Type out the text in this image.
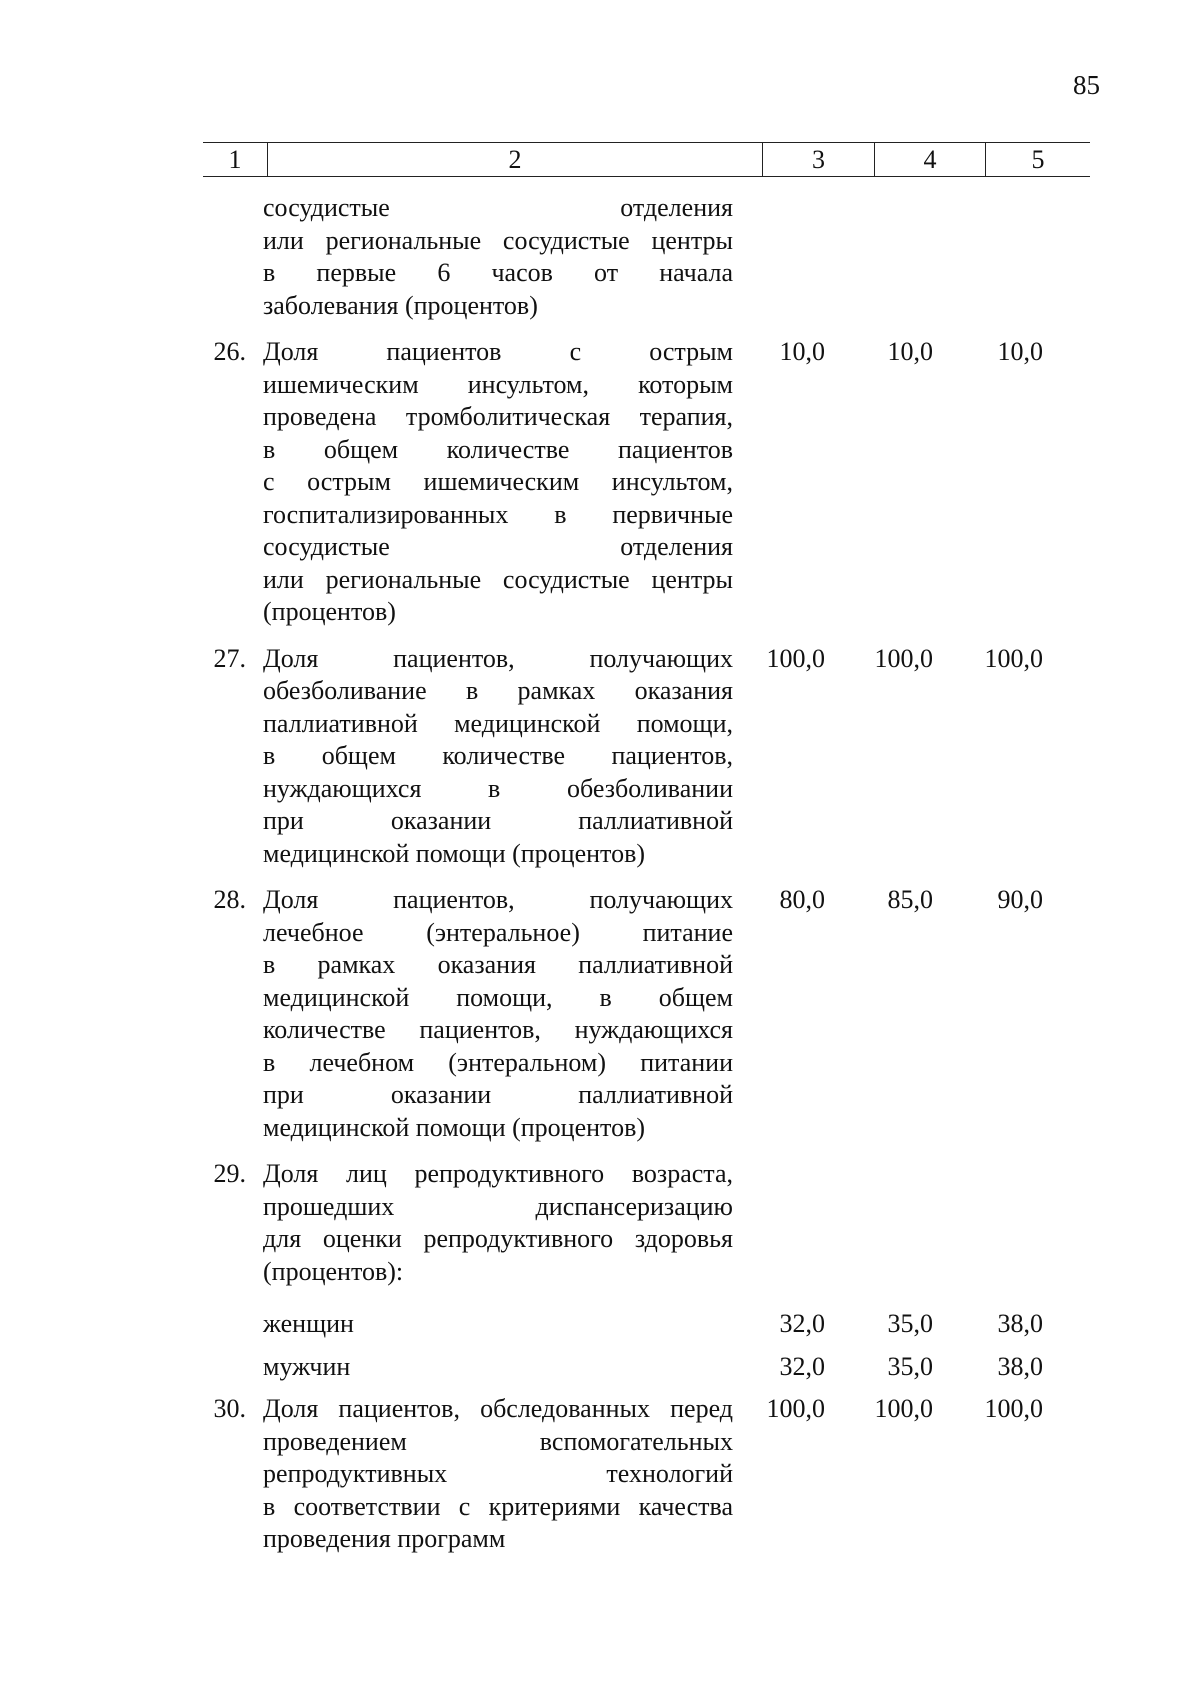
85
1	2	3	4	5
сосудистые отделения
или региональные сосудистые центры
в первые 6 часов от начала
заболевания (процентов)
26. Доля пациентов с острым
ишемическим инсультом, которым
проведена тромболитическая терапия,
в общем количестве пациентов
с острым ишемическим инсультом,
госпитализированных в первичные
сосудистые отделения
или региональные сосудистые центры
(процентов)
10,0	10,0	10,0
27. Доля пациентов, получающих
обезболивание в рамках оказания
паллиативной медицинской помощи,
в общем количестве пациентов,
нуждающихся в обезболивании
при оказании паллиативной
медицинской помощи (процентов)
100,0	100,0	100,0
28. Доля пациентов, получающих
лечебное (энтеральное) питание
в рамках оказания паллиативной
медицинской помощи, в общем
количестве пациентов, нуждающихся
в лечебном (энтеральном) питании
при оказании паллиативной
медицинской помощи (процентов)
80,0	85,0	90,0
29. Доля лиц репродуктивного возраста,
прошедших диспансеризацию
для оценки репродуктивного здоровья
(процентов):
женщин	32,0	35,0	38,0
мужчин	32,0	35,0	38,0
30. Доля пациентов, обследованных перед
проведением вспомогательных
репродуктивных технологий
в соответствии с критериями качества
проведения программ
100,0	100,0	100,0
